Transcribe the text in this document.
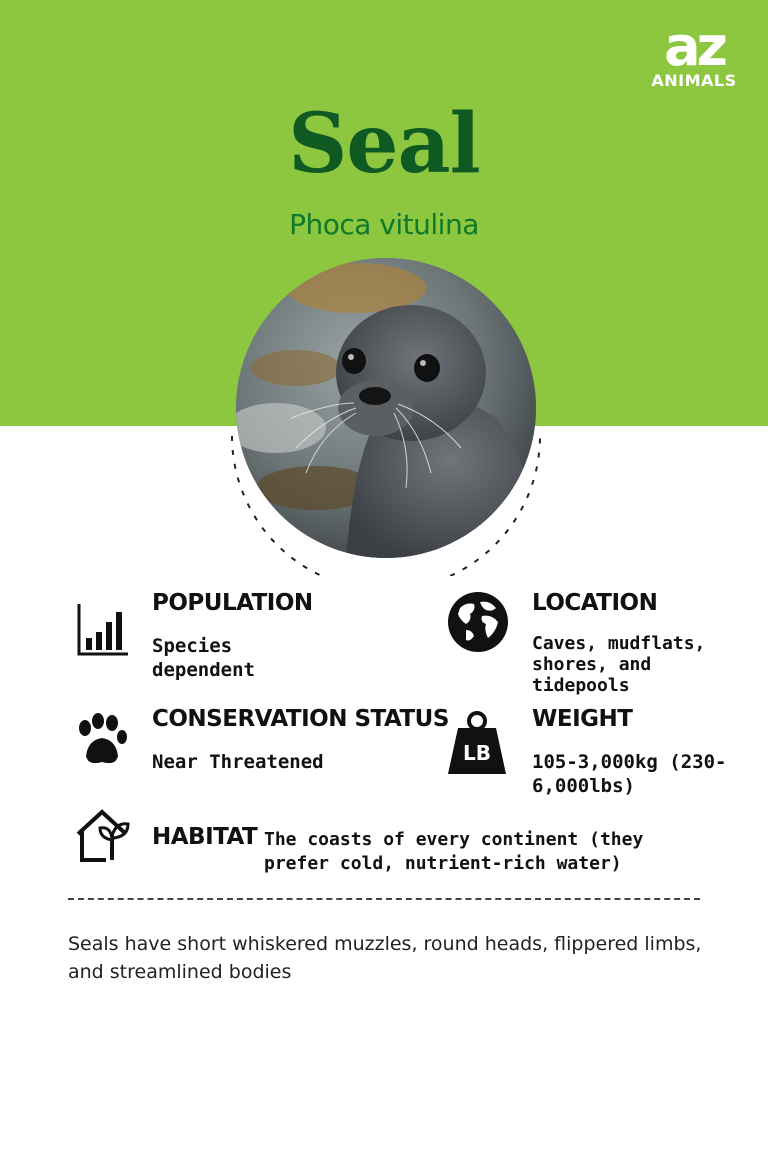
az
ANIMALS
Seal
Phoca vitulina
POPULATION
Species dependent
LOCATION
Caves, mudflats, shores, and tidepools
CONSERVATION STATUS
Near Threatened	LB
WEIGHT
105-3,000kg (230-6,000lbs)
HABITAT The coasts of every continent (they prefer cold, nutrient-rich water)
Seals have short whiskered muzzles, round heads, flippered limbs, and streamlined bodies
